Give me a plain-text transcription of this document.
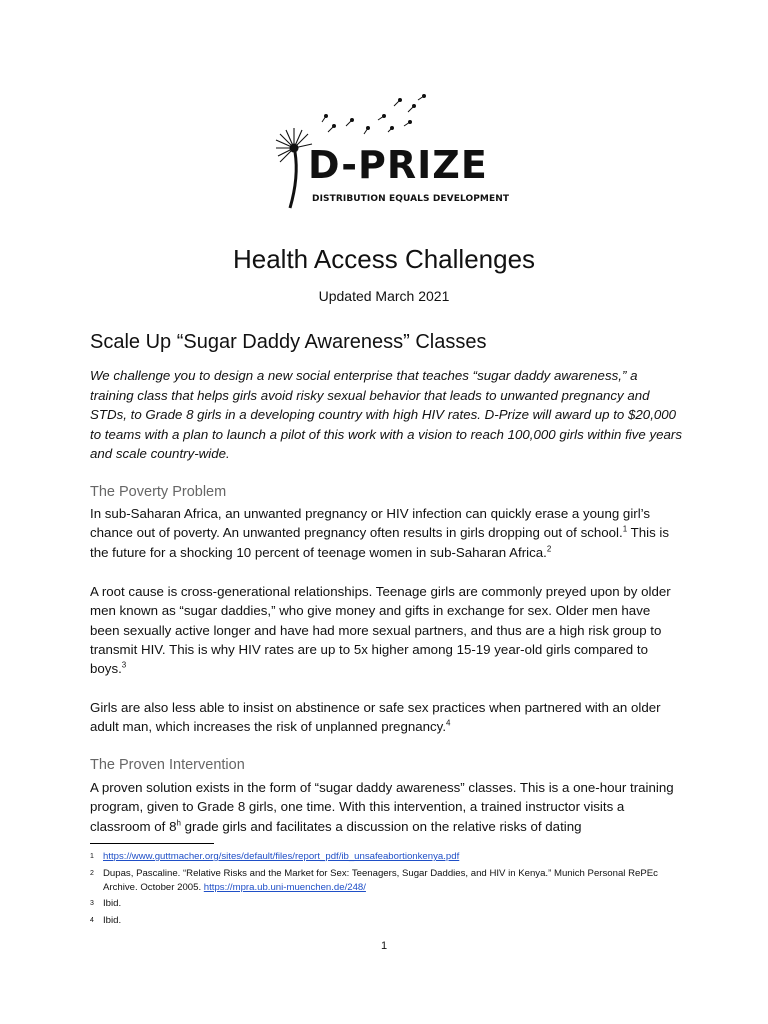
D-PRIZE
DISTRIBUTION EQUALS DEVELOPMENT
Health Access Challenges
Updated March 2021
Scale Up “Sugar Daddy Awareness” Classes
We challenge you to design a new social enterprise that teaches “sugar daddy awareness,” a training class that helps girls avoid risky sexual behavior that leads to unwanted pregnancy and STDs, to Grade 8 girls in a developing country with high HIV rates. D-Prize will award up to $20,000 to teams with a plan to launch a pilot of this work with a vision to reach 100,000 girls within five years and scale country-wide.
The Poverty Problem

In sub-Saharan Africa, an unwanted pregnancy or HIV infection can quickly erase a young girl’s chance out of poverty. An unwanted pregnancy often results in girls dropping out of school.$^1$ This is the future for a shocking 10 percent of teenage women in sub-Saharan Africa.$^2$

A root cause is cross-generational relationships. Teenage girls are commonly preyed upon by older men known as “sugar daddies,” who give money and gifts in exchange for sex. Older men have been sexually active longer and have had more sexual partners, and thus are a high risk group to transmit HIV. This is why HIV rates are up to 5x higher among 15-19 year-old girls compared to boys.$^3$

Girls are also less able to insist on abstinence or safe sex practices when partnered with an older adult man, which increases the risk of unplanned pregnancy.$^4$

The Proven Intervention

A proven solution exists in the form of “sugar daddy awareness” classes. This is a one-hour training program, given to Grade 8 girls, one time. With this intervention, a trained instructor visits a classroom of 8$^h$ grade girls and facilitates a discussion on the relative risks of dating

1 https://www.guttmacher.org/sites/default/files/report_pdf/ib_unsafeabortionkenya.pdf
2 Dupas, Pascaline. “Relative Risks and the Market for Sex: Teenagers, Sugar Daddies, and HIV in Kenya.” Munich Personal RePEc Archive. October 2005. https://mpra.ub.uni-muenchen.de/248/
3 Ibid.
4 Ibid.
1
